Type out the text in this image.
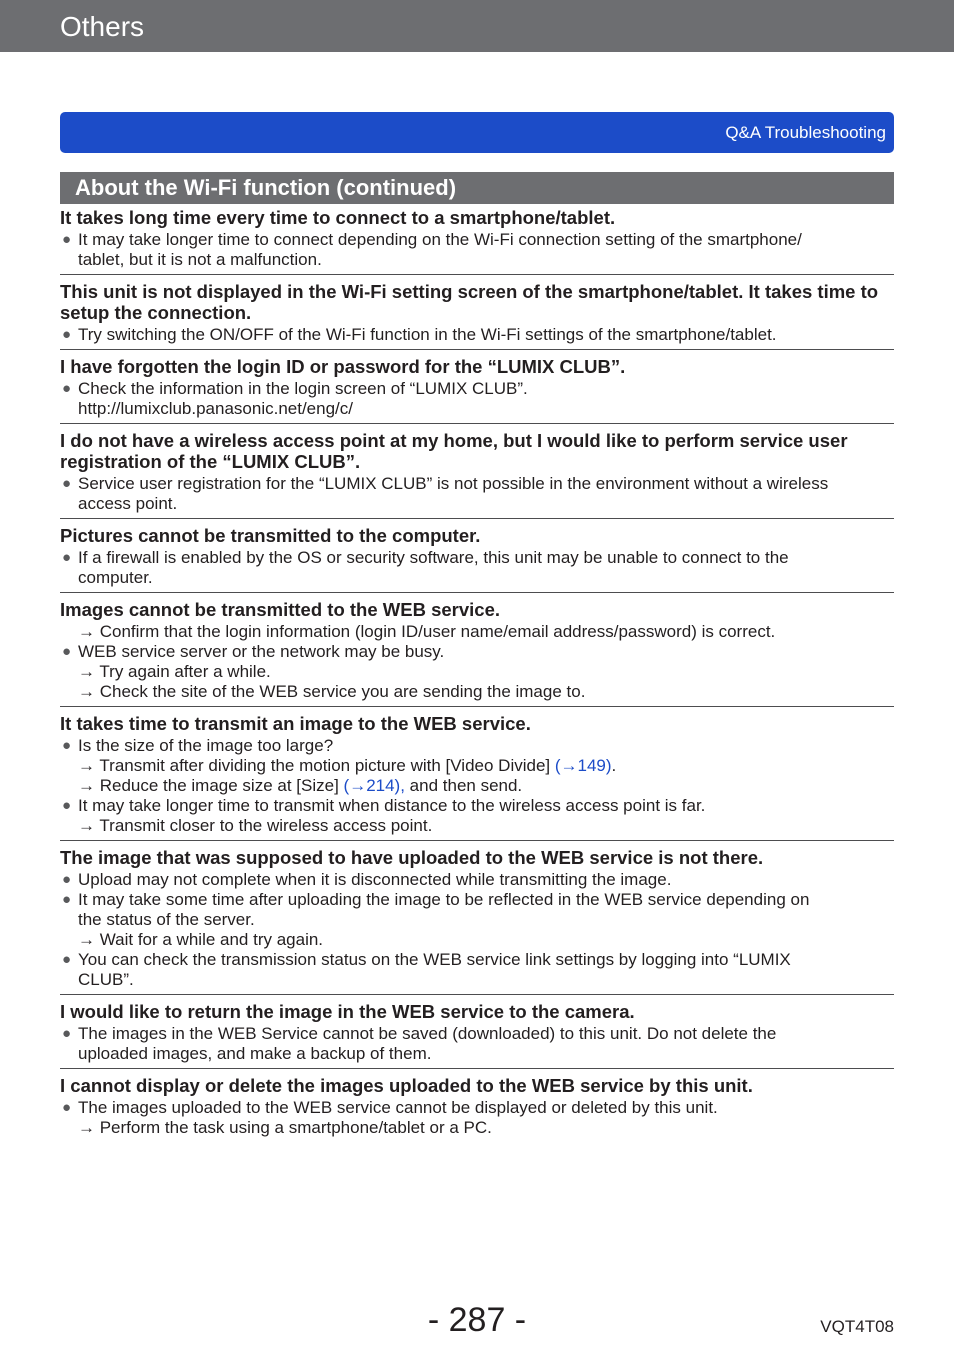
Others
Q&A Troubleshooting
About the Wi-Fi function (continued)

It takes long time every time to connect to a smartphone/tablet.

● It may take longer time to connect depending on the Wi-Fi connection setting of the smartphone/

tablet, but it is not a malfunction.

This unit is not displayed in the Wi-Fi setting screen of the smartphone/tablet. It takes time to setup the connection.

● Try switching the ON/OFF of the Wi-Fi function in the Wi-Fi settings of the smartphone/tablet.

I have forgotten the login ID or password for the “LUMIX CLUB”.

● Check the information in the login screen of “LUMIX CLUB”.

http://lumixclub.panasonic.net/eng/c/

I do not have a wireless access point at my home, but I would like to perform service user registration of the “LUMIX CLUB”.

● Service user registration for the “LUMIX CLUB” is not possible in the environment without a wireless

access point.

Pictures cannot be transmitted to the computer.

● If a firewall is enabled by the OS or security software, this unit may be unable to connect to the

computer.

Images cannot be transmitted to the WEB service.

→ Confirm that the login information (login ID/user name/email address/password) is correct.

● WEB service server or the network may be busy.

→ Try again after a while.

→ Check the site of the WEB service you are sending the image to.

It takes time to transmit an image to the WEB service.

● Is the size of the image too large?

→ Transmit after dividing the motion picture with [Video Divide] (→149).

→ Reduce the image size at [Size] (→214), and then send.

● It may take longer time to transmit when distance to the wireless access point is far.

→ Transmit closer to the wireless access point.

The image that was supposed to have uploaded to the WEB service is not there.

● Upload may not complete when it is disconnected while transmitting the image.

● It may take some time after uploading the image to be reflected in the WEB service depending on

the status of the server.

→ Wait for a while and try again.

● You can check the transmission status on the WEB service link settings by logging into “LUMIX

CLUB”.

I would like to return the image in the WEB service to the camera.

● The images in the WEB Service cannot be saved (downloaded) to this unit. Do not delete the

uploaded images, and make a backup of them.

I cannot display or delete the images uploaded to the WEB service by this unit.

● The images uploaded to the WEB service cannot be displayed or deleted by this unit.

→ Perform the task using a smartphone/tablet or a PC.

- 287 -	VQT4T08
